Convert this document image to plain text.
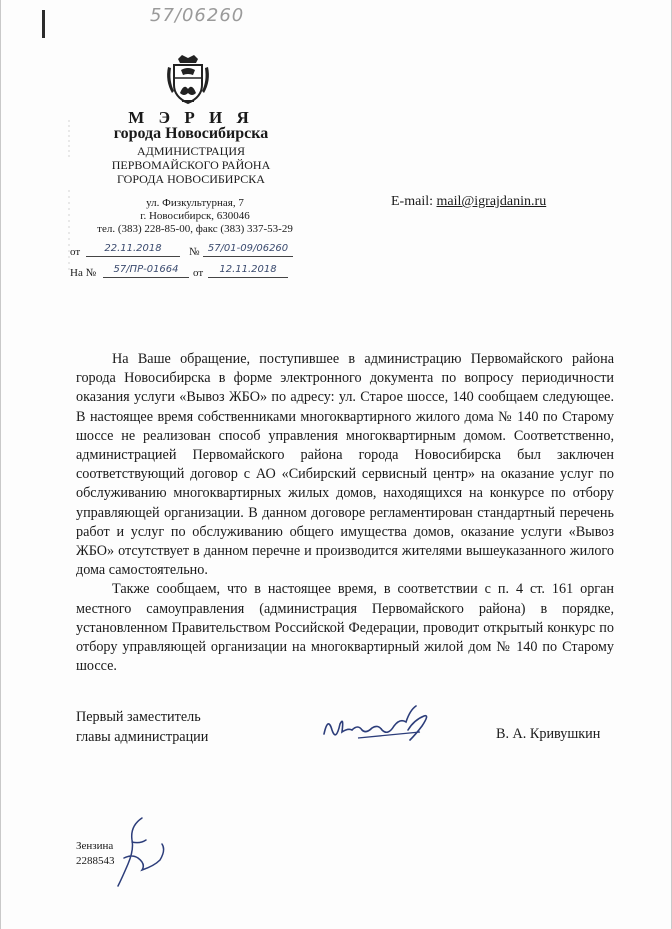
57/06260
М Э Р И Я
города Новосибирска
АДМИНИСТРАЦИЯ
ПЕРВОМАЙСКОГО РАЙОНА
ГОРОДА НОВОСИБИРСКА
ул. Физкультурная, 7
г. Новосибирск, 630046
тел. (383) 228-85-00, факс (383) 337-53-29
E-mail: mail@igrajdanin.ru
от	22.11.2018	№ 57/01-09/06260
На №	57/ПР-01664	от	12.11.2018

На Ваше обращение, поступившее в администрацию Первомайского района города Новосибирска в форме электронного документа по вопросу периодичности оказания услуги «Вывоз ЖБО» по адресу: ул. Старое шоссе, 140 сообщаем следующее. В настоящее время собственниками многоквартирного жилого дома № 140 по Старому шоссе не реализован способ управления многоквартирным домом. Соответственно, администрацией Первомайского района города Новосибирска был заключен соответствующий договор с АО «Сибирский сервисный центр» на оказание услуг по обслуживанию многоквартирных жилых домов, находящихся на конкурсе по отбору управляющей организации. В данном договоре регламентирован стандартный перечень работ и услуг по обслуживанию общего имущества домов, оказание услуги «Вывоз ЖБО» отсутствует в данном перечне и производится жителями вышеуказанного жилого дома самостоятельно.

Также сообщаем, что в настоящее время, в соответствии с п. 4 ст. 161 орган местного самоуправления (администрация Первомайского района) в порядке, установленном Правительством Российской Федерации, проводит открытый конкурс по отбору управляющей организации на многоквартирный жилой дом № 140 по Старому шоссе.

Первый заместитель
главы администрации	В. А. Кривушкин
Зензина
2288543
